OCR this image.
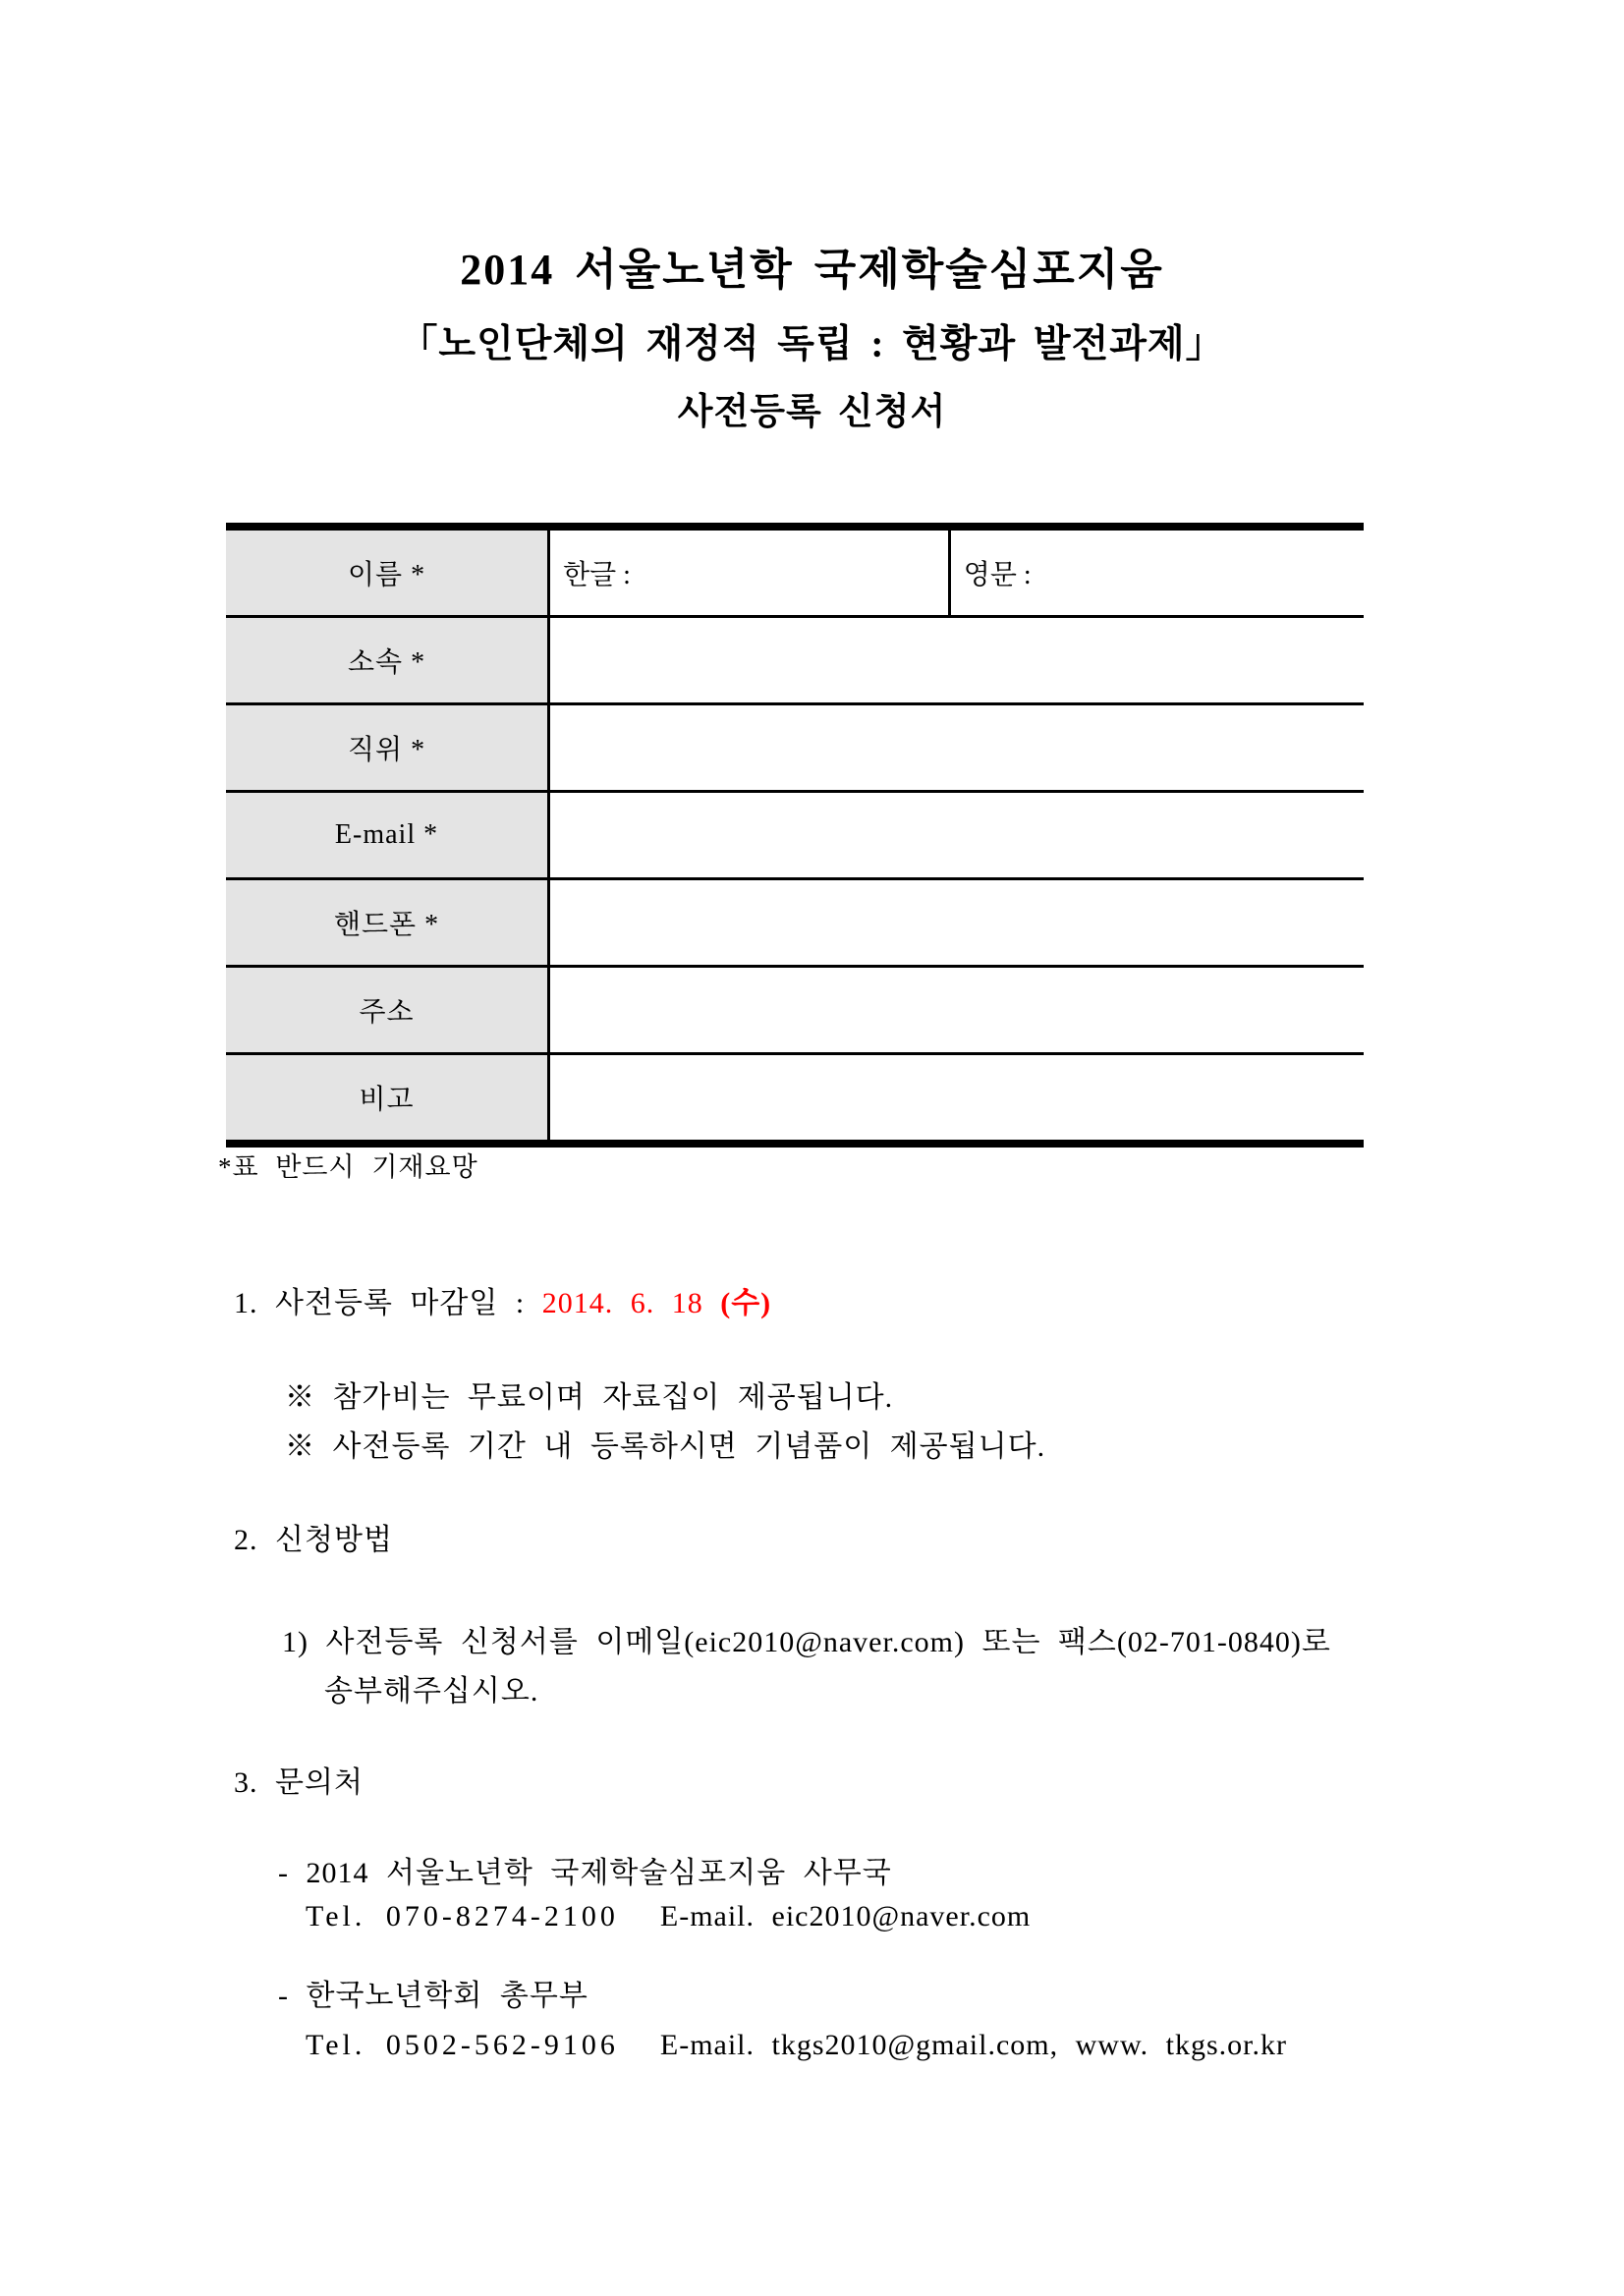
2014 서울노년학 국제학술심포지움
「노인단체의 재정적 독립 : 현황과 발전과제」
사전등록 신청서
이름 *	한글 :	영문 :
소속 *		
직위 *		
E-mail *		
핸드폰 *		
주소		
비고		
*표 반드시 기재요망
1. 사전등록 마감일 : 2014. 6. 18 (수)
※ 참가비는 무료이며 자료집이 제공됩니다.
※ 사전등록 기간 내 등록하시면 기념품이 제공됩니다.
2. 신청방법
1) 사전등록 신청서를 이메일(eic2010@naver.com) 또는 팩스(02-701-0840)로
송부해주십시오.
3. 문의처
- 2014 서울노년학 국제학술심포지움 사무국
Tel. 070-8274-2100 E-mail. eic2010@naver.com
- 한국노년학회 총무부
Tel. 0502-562-9106 E-mail. tkgs2010@gmail.com, www. tkgs.or.kr
